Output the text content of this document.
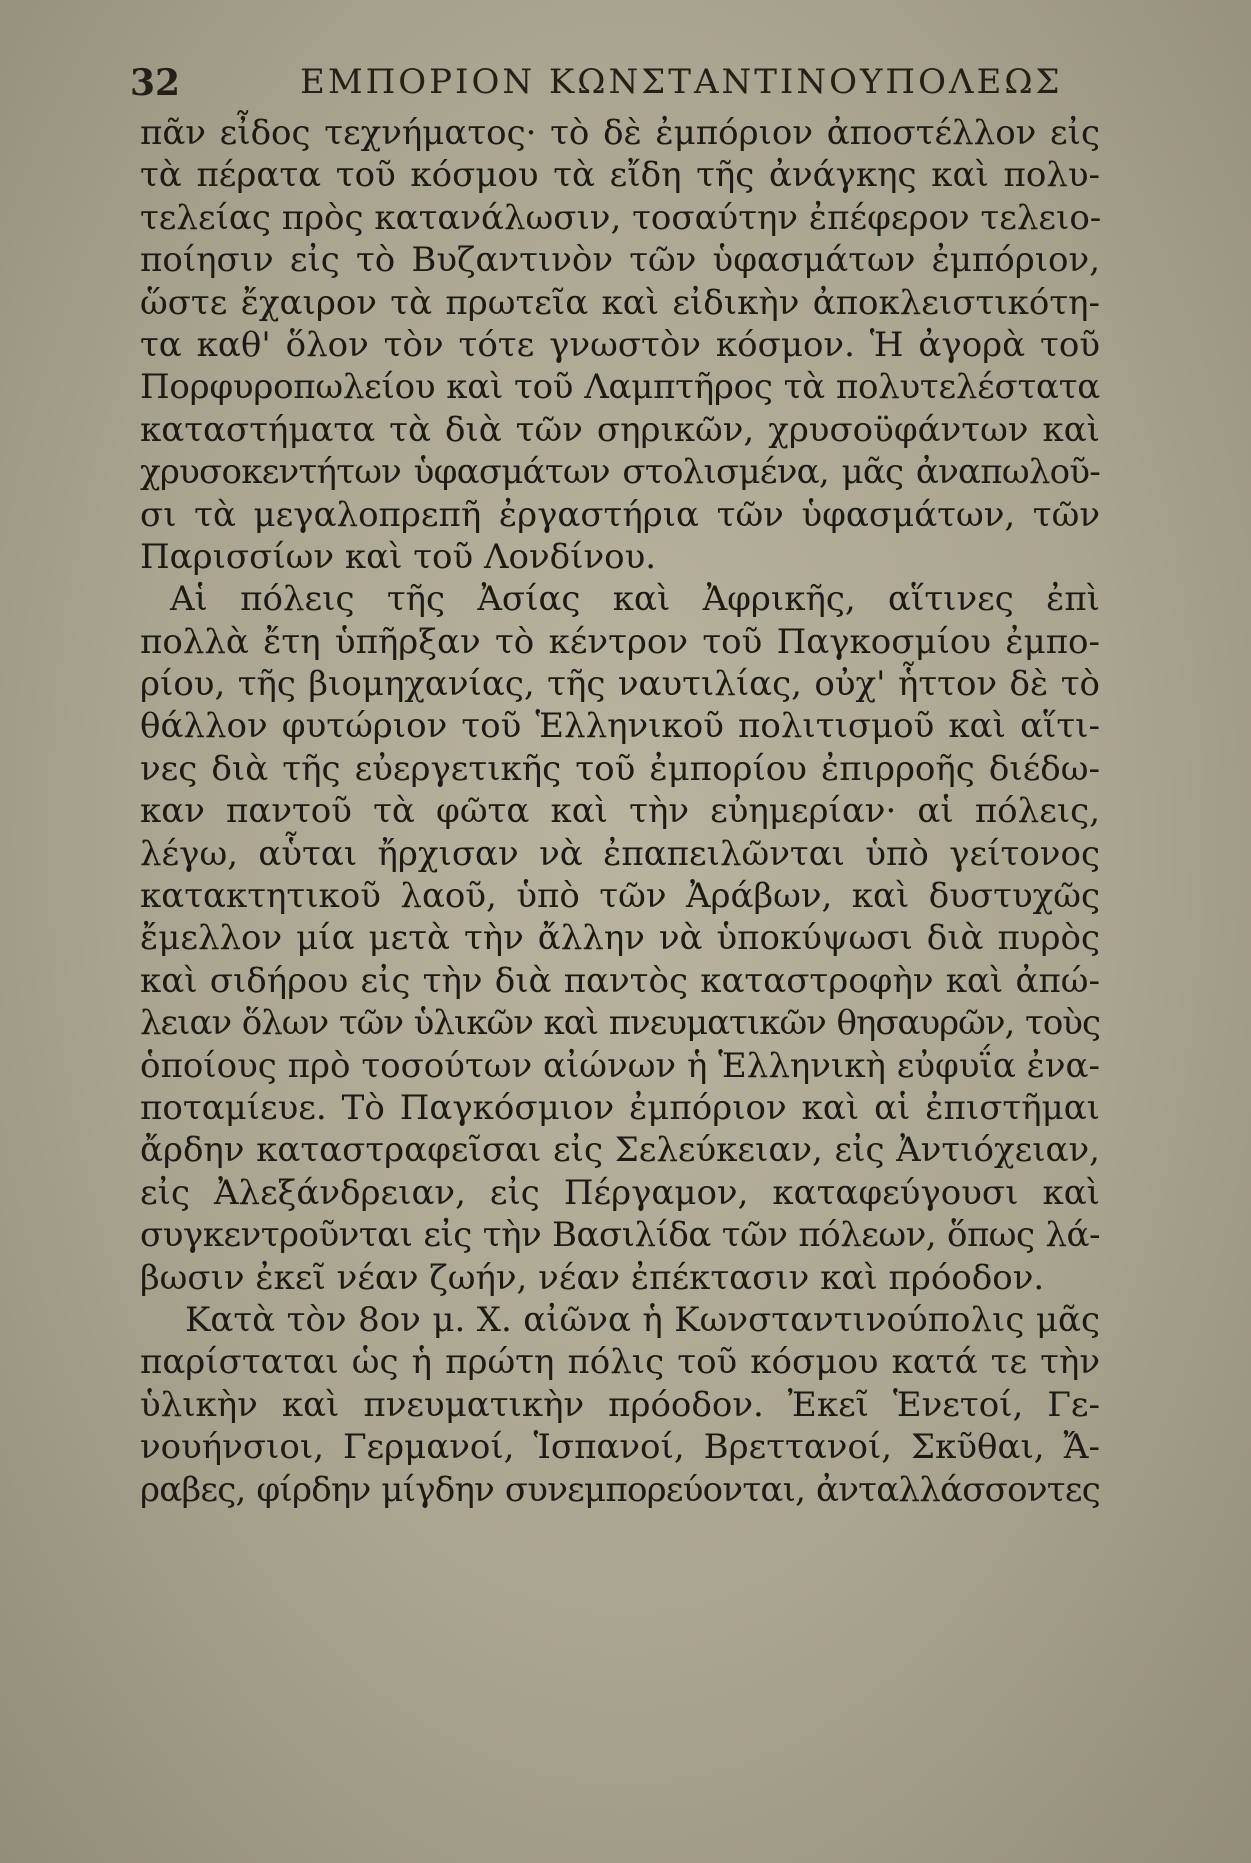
32	ΕΜΠΟΡΙΟΝ ΚΩΝΣΤΑΝΤΙΝΟΥΠΟΛΕΩΣ
πᾶν εἶδος τεχνήματος· τὸ δὲ ἐμπόριον ἀποστέλλον εἰς
τὰ πέρατα τοῦ κόσμου τὰ εἴδη τῆς ἀνάγκης καὶ πολυ-
τελείας πρὸς κατανάλωσιν, τοσαύτην ἐπέφερον τελειο-
ποίησιν εἰς τὸ Βυζαντινὸν τῶν ὑφασμάτων ἐμπόριον,
ὥστε ἔχαιρον τὰ πρωτεῖα καὶ εἰδικὴν ἀποκλειστικότη-
τα καθ' ὅλον τὸν τότε γνωστὸν κόσμον. Ἡ ἀγορὰ τοῦ
Πορφυροπωλείου καὶ τοῦ Λαμπτῆρος τὰ πολυτελέστατα
καταστήματα τὰ διὰ τῶν σηρικῶν, χρυσοϋφάντων καὶ
χρυσοκεντήτων ὑφασμάτων στολισμένα, μᾶς ἀναπωλοῦ-
σι τὰ μεγαλοπρεπῆ ἐργαστήρια τῶν ὑφασμάτων, τῶν
Παρισσίων καὶ τοῦ Λονδίνου.
Αἱ πόλεις τῆς Ἀσίας καὶ Ἀφρικῆς, αἵτινες ἐπὶ
πολλὰ ἔτη ὑπῆρξαν τὸ κέντρον τοῦ Παγκοσμίου ἐμπο-
ρίου, τῆς βιομηχανίας, τῆς ναυτιλίας, οὐχ' ἧττον δὲ τὸ
θάλλον φυτώριον τοῦ Ἑλληνικοῦ πολιτισμοῦ καὶ αἵτι-
νες διὰ τῆς εὐεργετικῆς τοῦ ἐμπορίου ἐπιρροῆς διέδω-
καν παντοῦ τὰ φῶτα καὶ τὴν εὐημερίαν· αἱ πόλεις,
λέγω, αὗται ἤρχισαν νὰ ἐπαπειλῶνται ὑπὸ γείτονος
κατακτητικοῦ λαοῦ, ὑπὸ τῶν Ἀράβων, καὶ δυστυχῶς
ἔμελλον μία μετὰ τὴν ἄλλην νὰ ὑποκύψωσι διὰ πυρὸς
καὶ σιδήρου εἰς τὴν διὰ παντὸς καταστροφὴν καὶ ἀπώ-
λειαν ὅλων τῶν ὑλικῶν καὶ πνευματικῶν θησαυρῶν, τοὺς
ὁποίους πρὸ τοσούτων αἰώνων ἡ Ἑλληνικὴ εὐφυΐα ἐνα-
ποταμίευε. Τὸ Παγκόσμιον ἐμπόριον καὶ αἱ ἐπιστῆμαι
ἄρδην καταστραφεῖσαι εἰς Σελεύκειαν, εἰς Ἀντιόχειαν,
εἰς Ἀλεξάνδρειαν, εἰς Πέργαμον, καταφεύγουσι καὶ
συγκεντροῦνται εἰς τὴν Βασιλίδα τῶν πόλεων, ὅπως λά-
βωσιν ἐκεῖ νέαν ζωήν, νέαν ἐπέκτασιν καὶ πρόοδον.
Κατὰ τὸν 8ον μ. Χ. αἰῶνα ἡ Κωνσταντινούπολις μᾶς
παρίσταται ὡς ἡ πρώτη πόλις τοῦ κόσμου κατά τε τὴν
ὑλικὴν καὶ πνευματικὴν πρόοδον. Ἐκεῖ Ἑνετοί, Γε-
νουήνσιοι, Γερμανοί, Ἱσπανοί, Βρεττανοί, Σκῦθαι, Ἄ-
ραβες, φίρδην μίγδην συνεμπορεύονται, ἀνταλλάσσοντες
